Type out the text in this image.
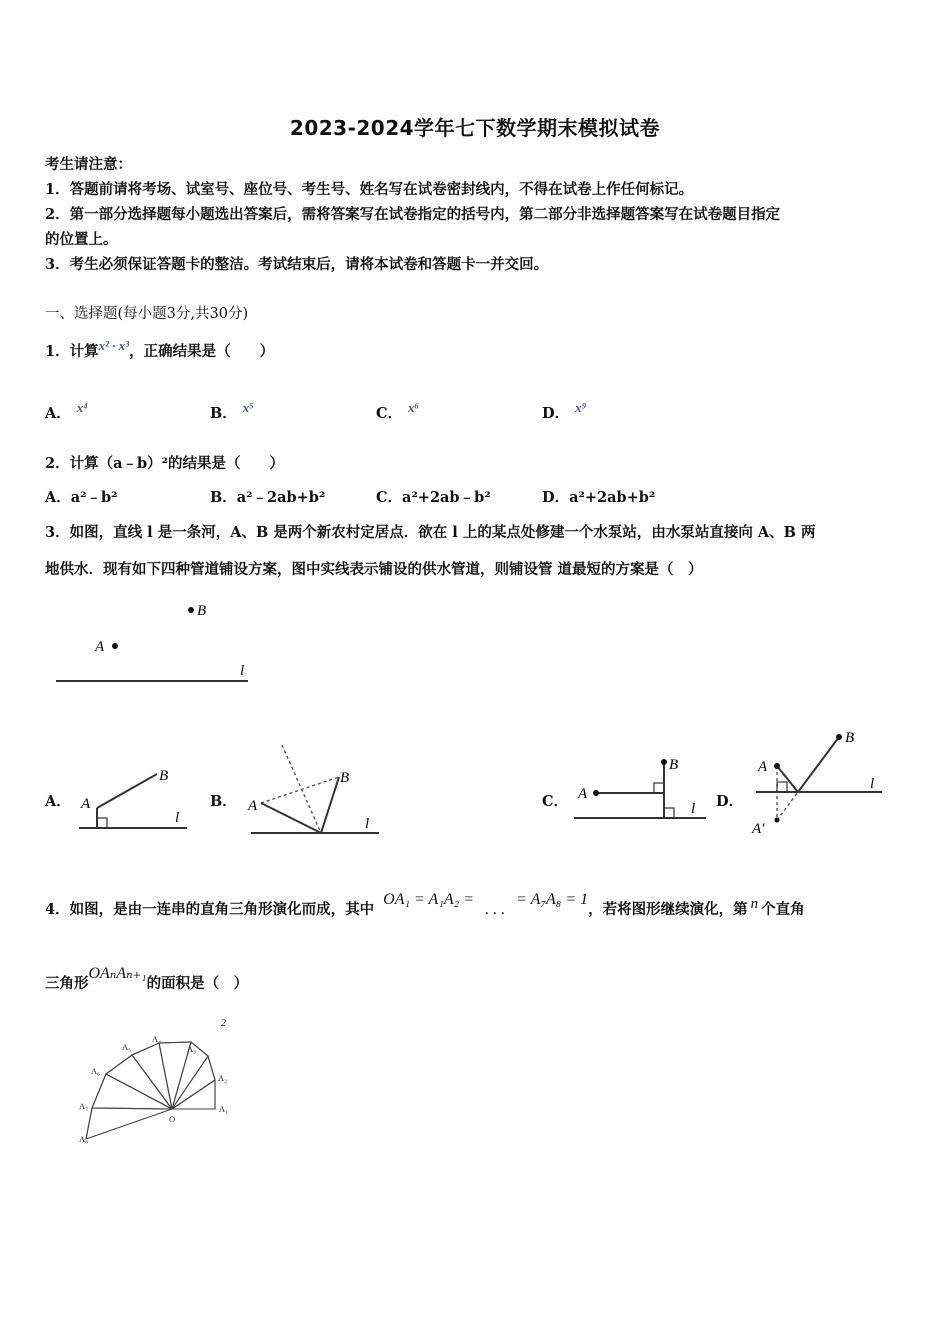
2023-2024学年七下数学期末模拟试卷
考生请注意：
1．答题前请将考场、试室号、座位号、考生号、姓名写在试卷密封线内，不得在试卷上作任何标记。
2．第一部分选择题每小题选出答案后，需将答案写在试卷指定的括号内，第二部分非选择题答案写在试卷题目指定
的位置上。
3．考生必须保证答题卡的整洁。考试结束后，请将本试卷和答题卡一并交回。
一、选择题(每小题3分,共30分)
1．计算x² · x³，正确结果是（　　）
A． x⁴	B． x⁵	C． x⁶	D． x⁹
2．计算（a﹣b）²的结果是（　　）
A．a²﹣b²	B．a²﹣2ab+b²	C．a²+2ab﹣b²	D．a²+2ab+b²
3．如图，直线 l 是一条河，A、B 是两个新农村定居点．欲在 l 上的某点处修建一个水泵站，由水泵站直接向 A、B 两
地供水．现有如下四种管道铺设方案，图中实线表示铺设的供水管道，则铺设管 道最短的方案是（　）
B
A
l
A． A
B
l
B． A
B
l
C． A
B
l D．
A
B
A′
l
4．如图，是由一连串的直角三角形演化而成，其中 OA₁ = A₁A₂ = . . . = A₇A₈ = 1，若将图形继续演化，第 n 个直角
三角形OAₙAₙ₊₁的面积是（　）
2
A₁
A₂
A₃
A₄
A₅
A₆
A₇
A₈
O
